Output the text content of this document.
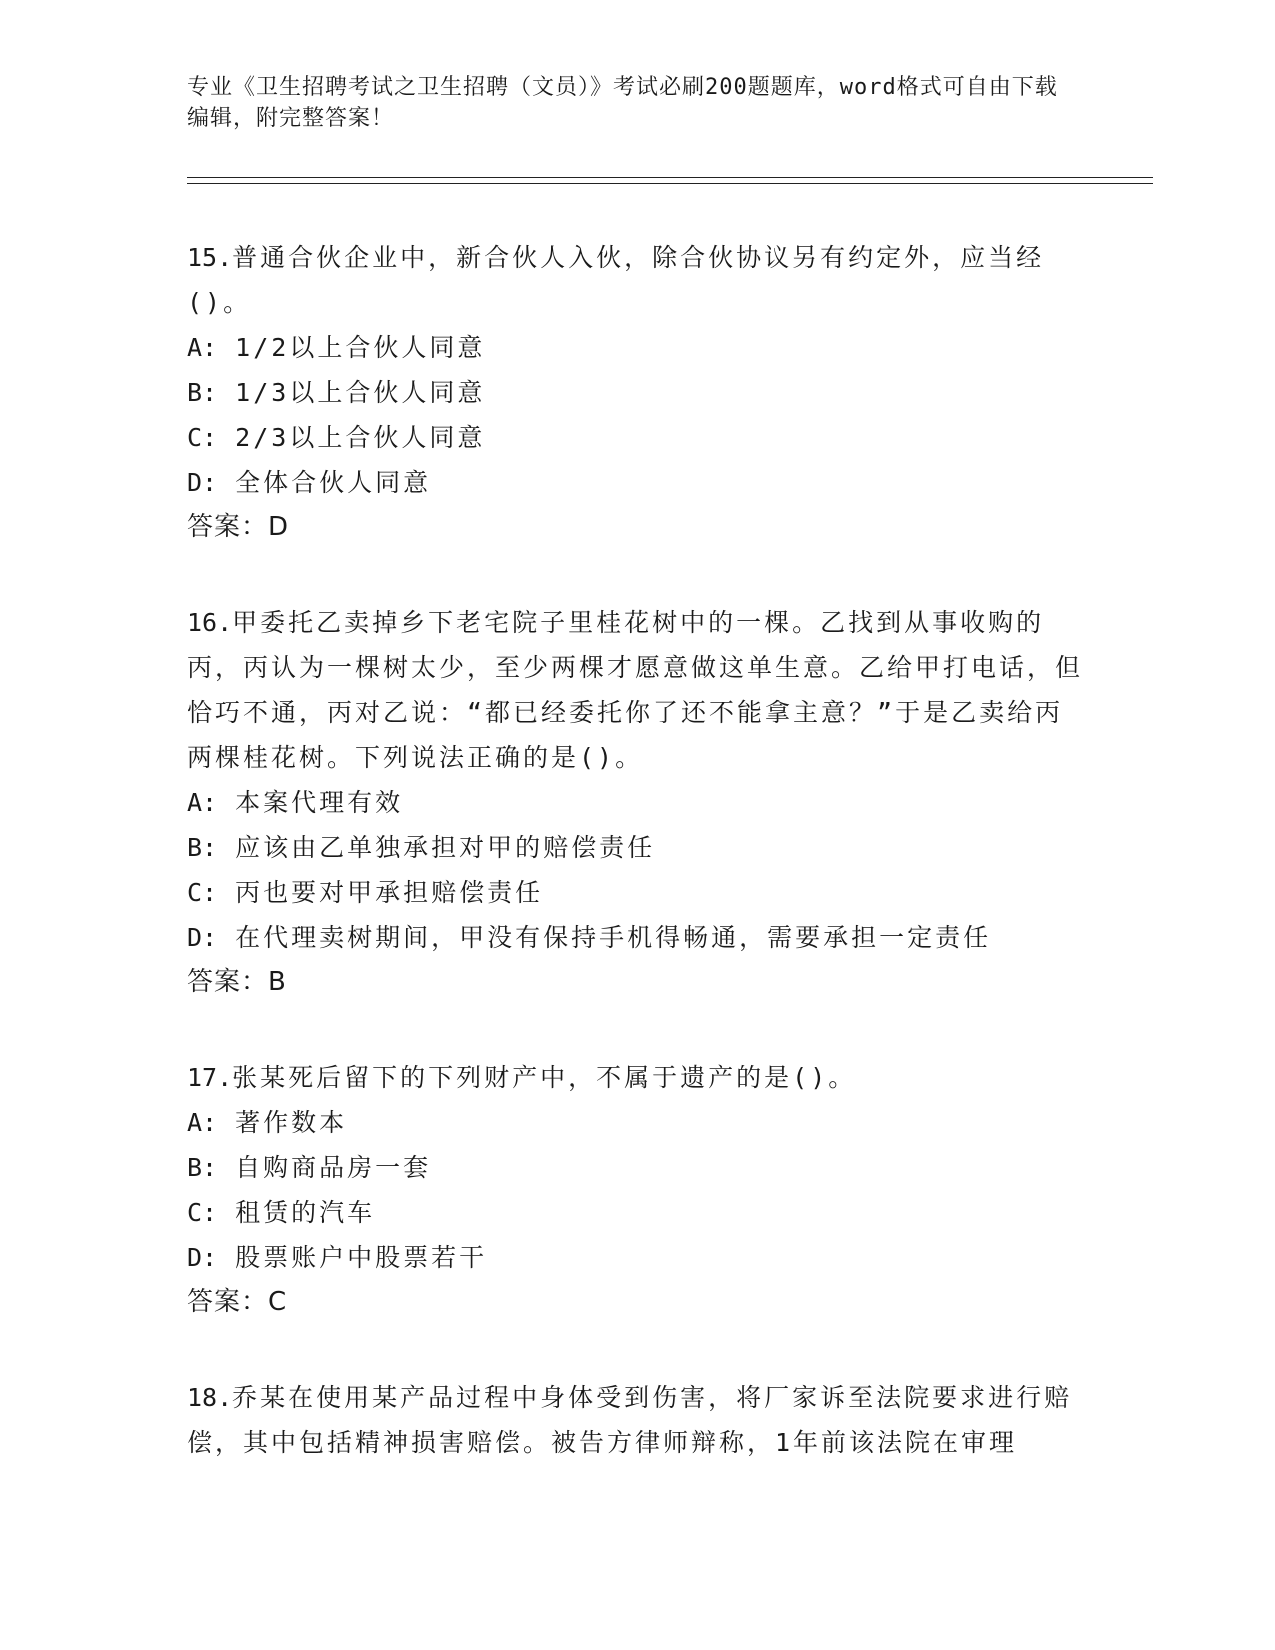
专业《卫生招聘考试之卫生招聘（文员）》考试必刷200题题库，word格式可自由下载编辑，附完整答案！
15.普通合伙企业中，新合伙人入伙，除合伙协议另有约定外，应当经()。
A: 1/2以上合伙人同意
B: 1/3以上合伙人同意
C: 2/3以上合伙人同意
D: 全体合伙人同意
答案：D
16.甲委托乙卖掉乡下老宅院子里桂花树中的一棵。乙找到从事收购的丙，丙认为一棵树太少，至少两棵才愿意做这单生意。乙给甲打电话，但恰巧不通，丙对乙说：“都已经委托你了还不能拿主意？”于是乙卖给丙两棵桂花树。下列说法正确的是()。
A: 本案代理有效
B: 应该由乙单独承担对甲的赔偿责任
C: 丙也要对甲承担赔偿责任
D: 在代理卖树期间，甲没有保持手机得畅通，需要承担一定责任
答案：B
17.张某死后留下的下列财产中，不属于遗产的是()。
A: 著作数本
B: 自购商品房一套
C: 租赁的汽车
D: 股票账户中股票若干
答案：C
18.乔某在使用某产品过程中身体受到伤害，将厂家诉至法院要求进行赔偿，其中包括精神损害赔偿。被告方律师辩称，1年前该法院在审理
